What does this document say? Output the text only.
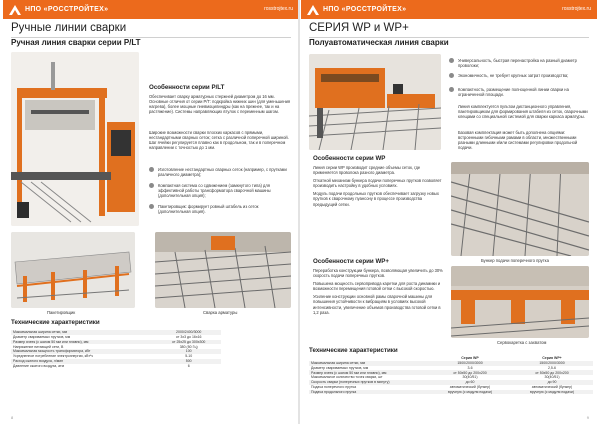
НПО «РОССТРОЙТЕХ»	rosstrojtex.ru
Ручные линии сварки
Ручная линия сварки серии Р/LT
Особенности серии Р/LT
Обеспечивает сварку арматурных стержней диаметром до 16 мм. Основные отличия от серии Р/Т: подкройка нижних шин (для уменьшения нагрева), более мощные пневмоцилиндры (как на прежнее, так и на растяжение). Системы направляющих втулок с переменным шагом.
Широкие возможности сварки плоских каркасов с прямыми, нестандартными сварных сеток; сетка с различной поперечной шириной. Шаг ячейки регулируется плавно как в продольном, так и в поперечном направлении с точностью до 1 мм.
Изготовление нестандартных сварных сеток (например, с прутками различного диаметра);
Компактная система со сдвижением (замкнутого типа) для эффективной работы трансформатора сварочной машины (дополнительная опция);
Пакетировщик: формирует ровный штабель из сеток (дополнительная опция).
Пакетировщик	Сварка арматуры
Технические характеристики
Максимальная ширина сетки, мм	2000/2400/3000
Диаметр свариваемых прутков, мм	от 3х3 до 16х16
Размер ячеек (с шагом 50 мм или плавно), мм	от 25х25 до 300х300
Напряжение питающей сети, В	380 (50 Гц)
Максимальная мощность трансформатора, кВт	100
Усредненное потребление электроэнергии, кВт*ч	5-10
Расход сжатого воздуха, л/мин	500
Давление сжатого воздуха, атм	6
8
НПО «РОССТРОЙТЕХ»	rosstrojtex.ru
СЕРИЯ WP и WP+
Полуавтоматическая линия сварки
Универсальность, быстрая перенастройка на разный диаметр проволоки;
Экономичность, не требует крупных затрат производства;
Компактность, размещение полноценной линии сварки на ограниченной площади.
Линия комплектуется пультом дистанционного управления, пакетировщиком для формирования штабеля из сеток, сварочными клещами со специальной системой для сварки каркаса арматуры.
Базовая комплектация может быть дополнена опциями: встроенными гибочными рамами в области, множественными разными длинными и/или системами регулировки продольной подачи.
Особенности серии WP

Линия серии WP производит средние объемы сеток, где применяется проволока разного диаметра.

Откатной механизм бункера подачи поперечных прутков позволяет производить настройку в удобных условиях.

Модуль подачи продольных прутков обеспечивает загрузку новых прутков к сварочному пуансону в процессе производства предыдущей сетки.

Особенности серии WP+

Переработка конструкции бункера, позволяющая увеличить до 30% скорость подачи поперечных прутков.

Повышена мощность сервопривода каретки для роста динамики и возможности перемещения готовой сетки с высокой скоростью.

Усиление конструкции основной рамы сварочной машины для повышения устойчивости к вибрациям в условиях высокой интенсивности, увеличение объемов производства готовой сетки в 1,2 раза.

Бункер подачи поперечного прутка
Сервокаретка с захватом
Технические характеристики
	Серия WP	Серия WP+
Максимальная ширина сетки, мм	1500/2000/3000	1500/2000/3000
Диаметр свариваемых прутков, мм	3-6	2,5-6
Размер ячеек (с шагом 50 мм или плавно), мм	от 50х50 до 200х200	от 50х50 до 200х200
Максимальное количество точек сварки, шт	30(40/51)	30(40/51)
Скорость сварки (поперечных прутков в минуту)	до 60	до 90
Подача поперечного прутка	автоматический (бункер)	автоматический (бункер)
Подача продольного прутка	вручную (с модуля подачи)	вручную (с модуля подачи)
9
